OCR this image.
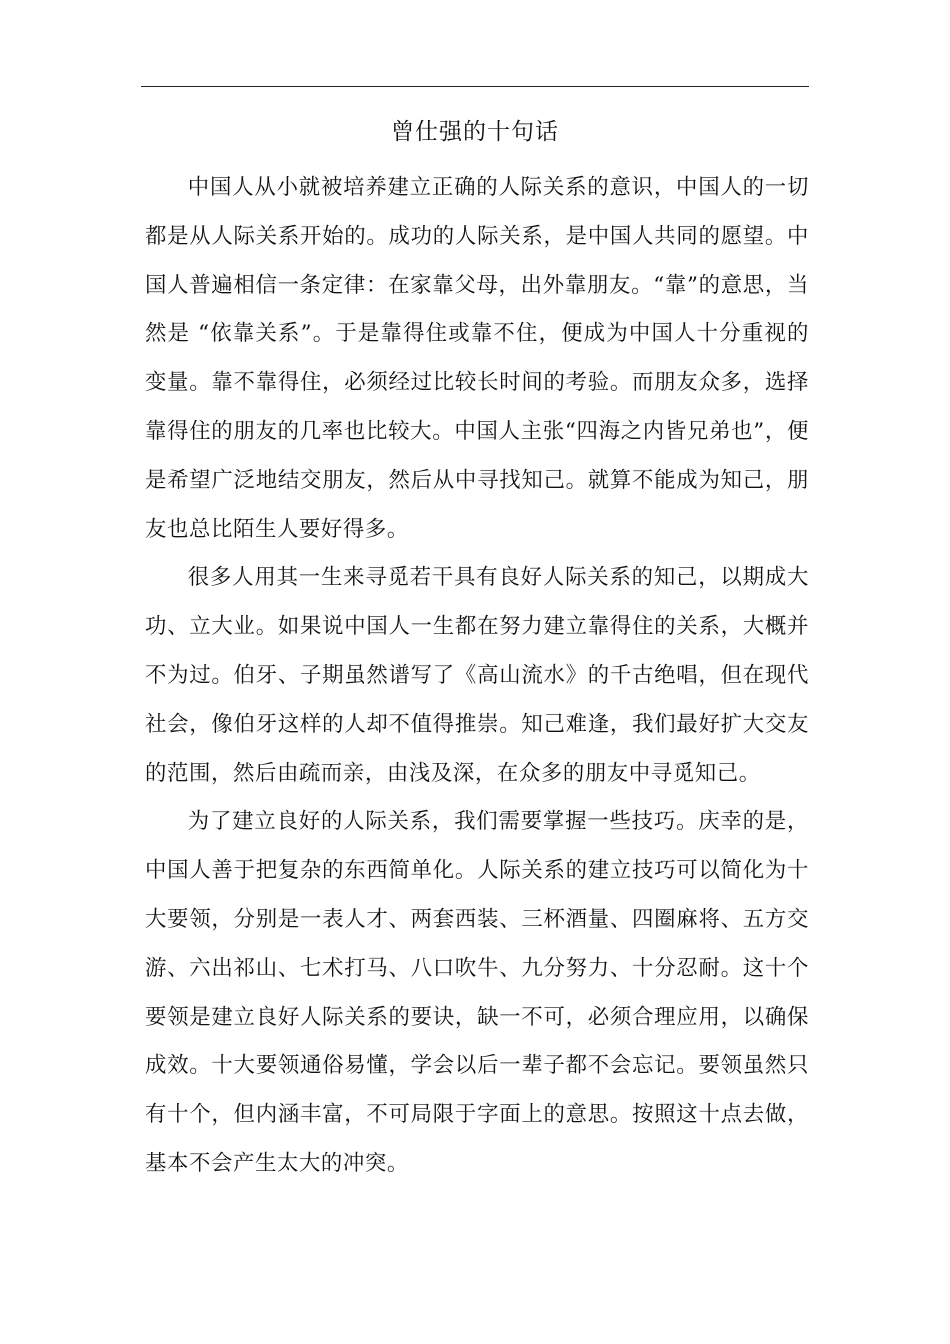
曾仕强的十句话

中国人从小就被培养建立正确的人际关系的意识，中国人的一切都是从人际关系开始的。成功的人际关系，是中国人共同的愿望。中国人普遍相信一条定律：在家靠父母，出外靠朋友。“靠”的意思，当然是 “依靠关系”。于是靠得住或靠不住，便成为中国人十分重视的变量。靠不靠得住，必须经过比较长时间的考验。而朋友众多，选择靠得住的朋友的几率也比较大。中国人主张“四海之内皆兄弟也”，便是希望广泛地结交朋友，然后从中寻找知己。就算不能成为知己，朋友也总比陌生人要好得多。

很多人用其一生来寻觅若干具有良好人际关系的知己，以期成大功、立大业。如果说中国人一生都在努力建立靠得住的关系，大概并不为过。伯牙、子期虽然谱写了《高山流水》的千古绝唱，但在现代社会，像伯牙这样的人却不值得推崇。知己难逢，我们最好扩大交友的范围，然后由疏而亲，由浅及深，在众多的朋友中寻觅知己。

为了建立良好的人际关系，我们需要掌握一些技巧。庆幸的是，中国人善于把复杂的东西简单化。人际关系的建立技巧可以简化为十大要领，分别是一表人才、两套西装、三杯酒量、四圈麻将、五方交游、六出祁山、七术打马、八口吹牛、九分努力、十分忍耐。这十个要领是建立良好人际关系的要诀，缺一不可，必须合理应用，以确保成效。十大要领通俗易懂，学会以后一辈子都不会忘记。要领虽然只有十个，但内涵丰富，不可局限于字面上的意思。按照这十点去做，基本不会产生太大的冲突。
